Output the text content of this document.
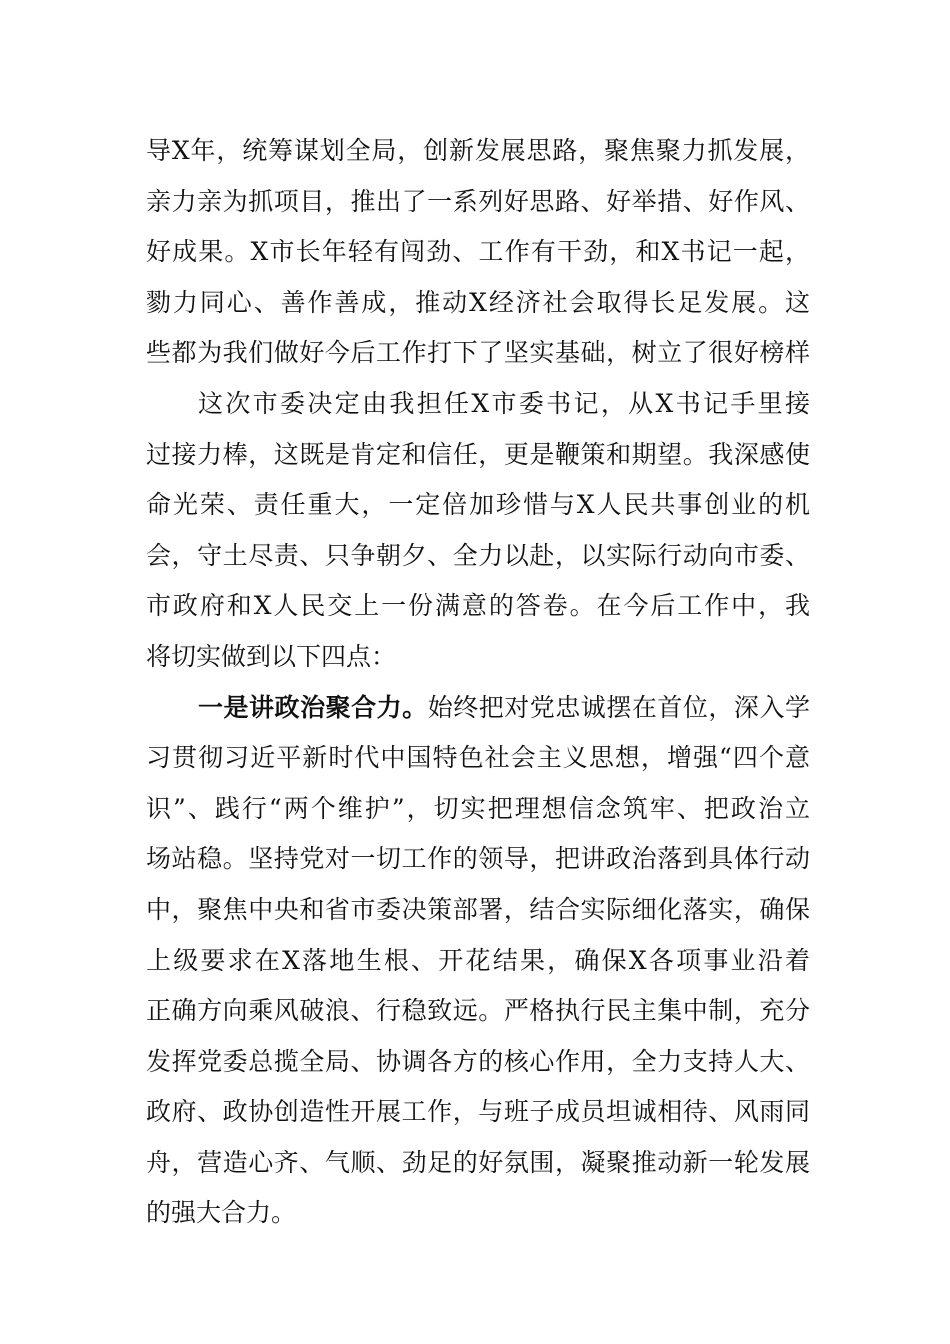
导X年，统筹谋划全局，创新发展思路，聚焦聚力抓发展，
亲力亲为抓项目，推出了一系列好思路、好举措、好作风、
好成果。X市长年轻有闯劲、工作有干劲，和X书记一起，
勠力同心、善作善成，推动X经济社会取得长足发展。这
些都为我们做好今后工作打下了坚实基础，树立了很好榜样
这次市委决定由我担任X市委书记，从X书记手里接
过接力棒，这既是肯定和信任，更是鞭策和期望。我深感使
命光荣、责任重大，一定倍加珍惜与X人民共事创业的机
会，守土尽责、只争朝夕、全力以赴，以实际行动向市委、
市政府和X人民交上一份满意的答卷。在今后工作中，我
将切实做到以下四点：
一是讲政治聚合力。始终把对党忠诚摆在首位，深入学
习贯彻习近平新时代中国特色社会主义思想，增强“四个意
识”、践行“两个维护”，切实把理想信念筑牢、把政治立
场站稳。坚持党对一切工作的领导，把讲政治落到具体行动
中，聚焦中央和省市委决策部署，结合实际细化落实，确保
上级要求在X落地生根、开花结果，确保X各项事业沿着
正确方向乘风破浪、行稳致远。严格执行民主集中制，充分
发挥党委总揽全局、协调各方的核心作用，全力支持人大、
政府、政协创造性开展工作，与班子成员坦诚相待、风雨同
舟，营造心齐、气顺、劲足的好氛围，凝聚推动新一轮发展
的强大合力。
